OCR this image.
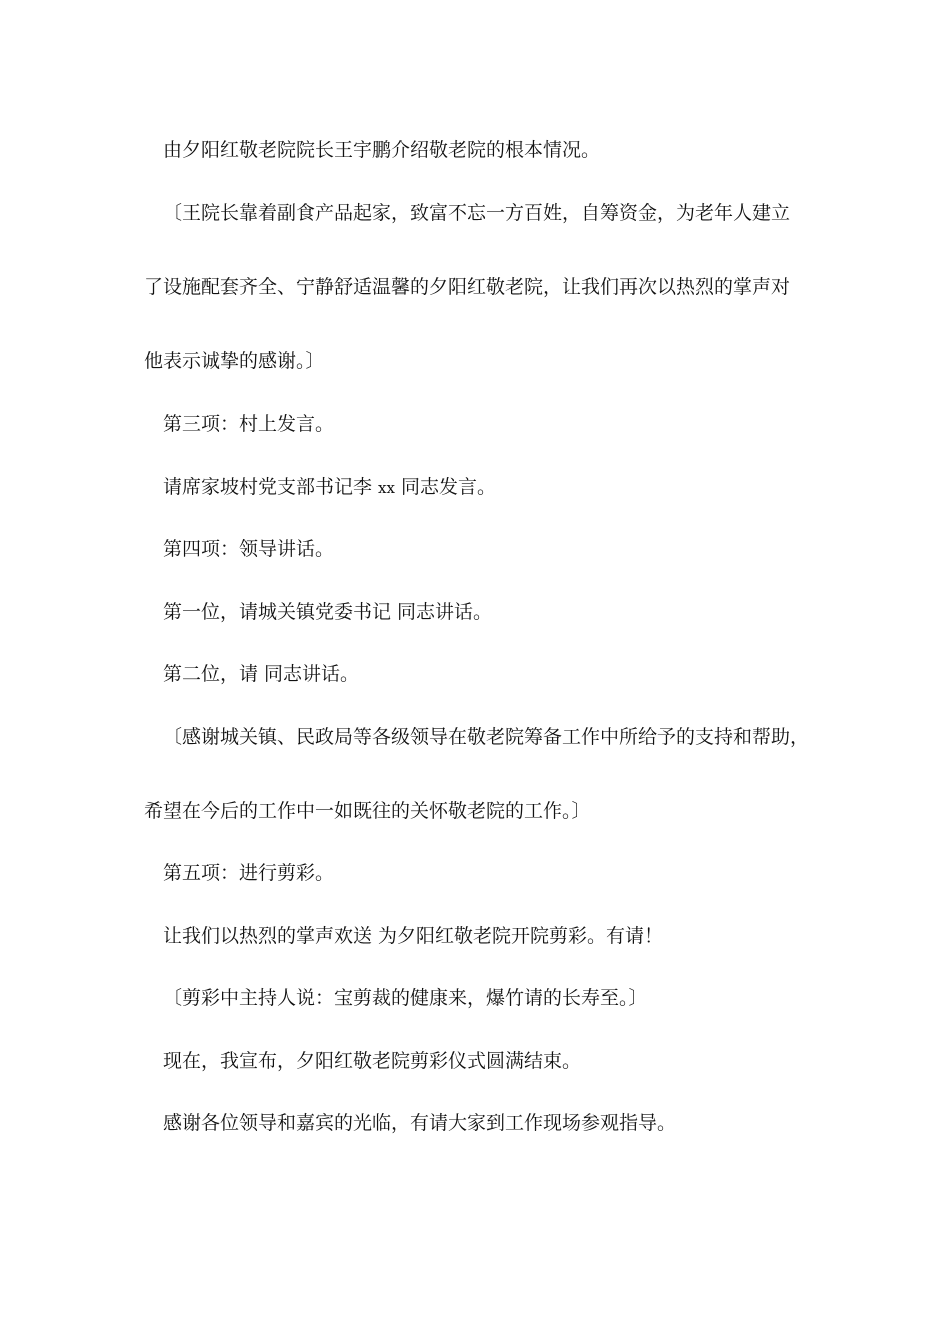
由夕阳红敬老院院长王宇鹏介绍敬老院的根本情况。
〔王院长靠着副食产品起家，致富不忘一方百姓，自筹资金，为老年人建立
了设施配套齐全、宁静舒适温馨的夕阳红敬老院，让我们再次以热烈的掌声对
他表示诚挚的感谢。〕
第三项：村上发言。
请席家坡村党支部书记李 xx 同志发言。
第四项：领导讲话。
第一位，请城关镇党委书记 同志讲话。
第二位，请 同志讲话。
〔感谢城关镇、民政局等各级领导在敬老院筹备工作中所给予的支持和帮助，
希望在今后的工作中一如既往的关怀敬老院的工作。〕
第五项：进行剪彩。
让我们以热烈的掌声欢送 为夕阳红敬老院开院剪彩。有请！
〔剪彩中主持人说：宝剪裁的健康来，爆竹请的长寿至。〕
现在，我宣布，夕阳红敬老院剪彩仪式圆满结束。
感谢各位领导和嘉宾的光临，有请大家到工作现场参观指导。
